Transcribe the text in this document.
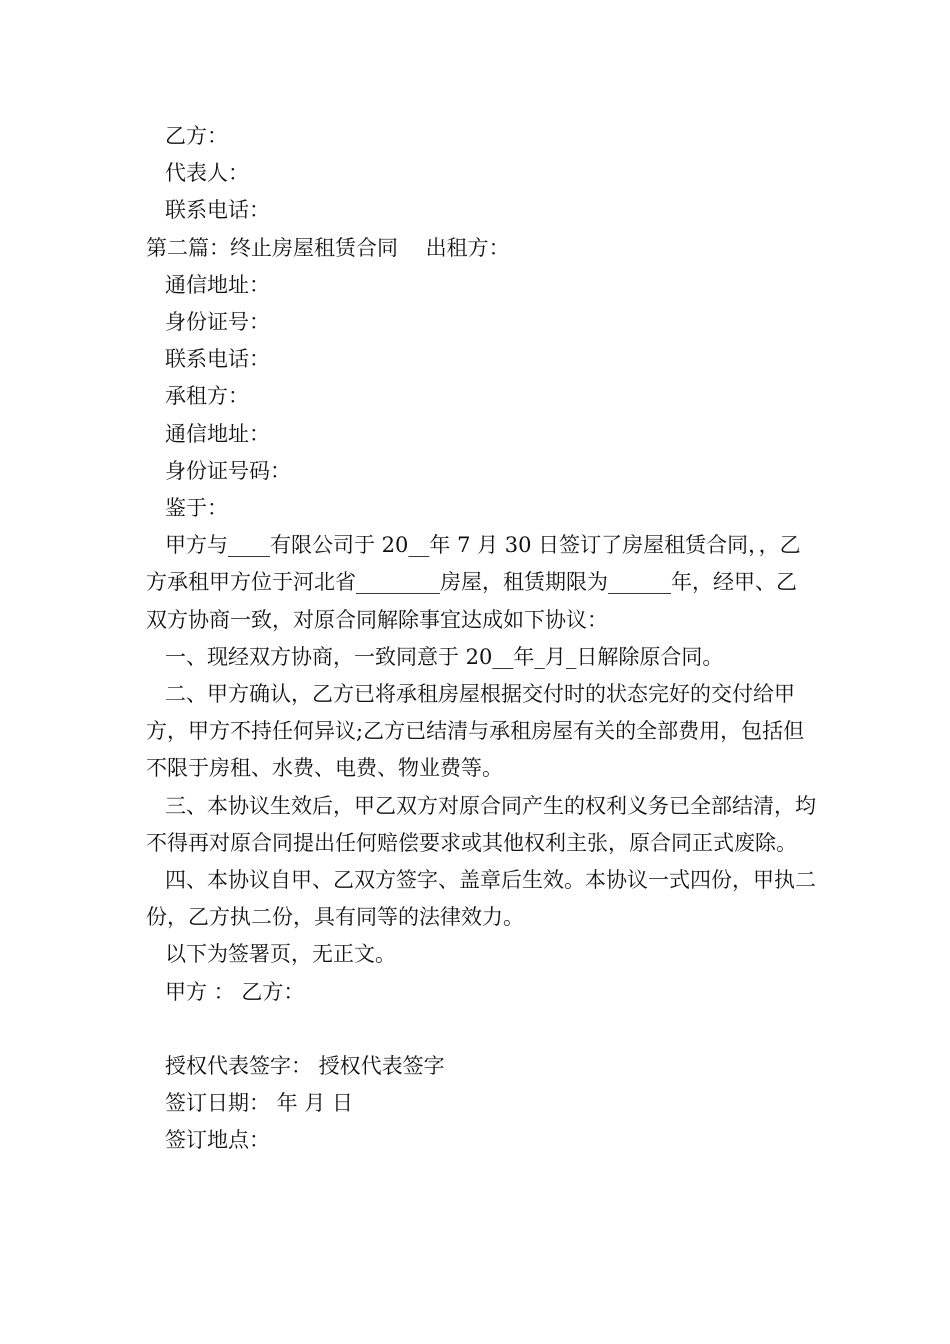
乙方：
代表人：
联系电话：
第二篇：终止房屋租赁合同　 出租方：
通信地址：
身份证号：
联系电话：
承租方：
通信地址：
身份证号码：
鉴于：
甲方与____有限公司于 20__年 7 月 30 日签订了房屋租赁合同，，乙方承租甲方位于河北省________房屋，租赁期限为______年，经甲、乙双方协商一致，对原合同解除事宜达成如下协议：
一、现经双方协商，一致同意于 20__年_月_日解除原合同。
二、甲方确认，乙方已将承租房屋根据交付时的状态完好的交付给甲方，甲方不持任何异议;乙方已结清与承租房屋有关的全部费用，包括但不限于房租、水费、电费、物业费等。
三、本协议生效后，甲乙双方对原合同产生的权利义务已全部结清，均不得再对原合同提出任何赔偿要求或其他权利主张，原合同正式废除。
四、本协议自甲、乙双方签字、盖章后生效。本协议一式四份，甲执二份，乙方执二份，具有同等的法律效力。
以下为签署页，无正文。
甲方 ： 乙方：
授权代表签字： 授权代表签字
签订日期： 年 月 日
签订地点：
